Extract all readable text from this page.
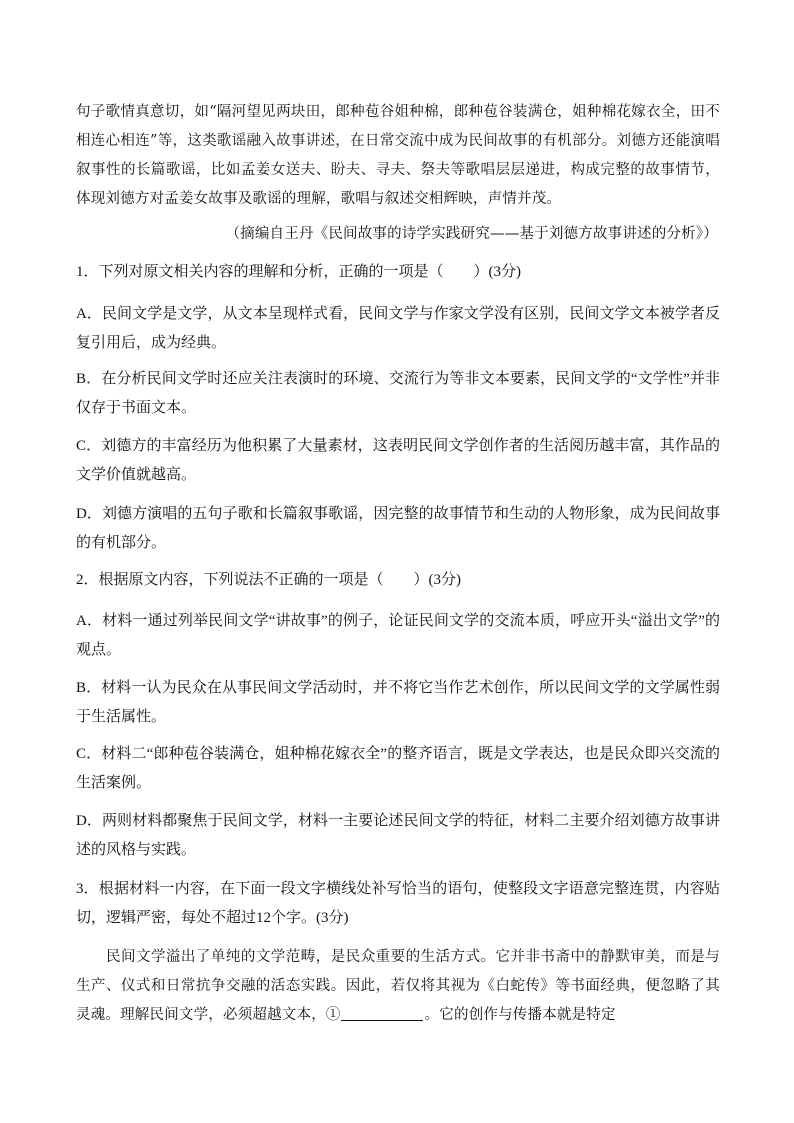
句子歌情真意切，如“隔河望见两块田，郎种苞谷姐种棉，郎种苞谷装满仓，姐种棉花嫁衣全，田不相连心相连”等，这类歌谣融入故事讲述，在日常交流中成为民间故事的有机部分。刘德方还能演唱叙事性的长篇歌谣，比如孟姜女送夫、盼夫、寻夫、祭夫等歌唱层层递进，构成完整的故事情节，体现刘德方对孟姜女故事及歌谣的理解，歌唱与叙述交相辉映，声情并茂。

（摘编自王丹《民间故事的诗学实践研究——基于刘德方故事讲述的分析》）

1．下列对原文相关内容的理解和分析，正确的一项是（　　）(3分)

A．民间文学是文学，从文本呈现样式看，民间文学与作家文学没有区别，民间文学文本被学者反复引用后，成为经典。

B．在分析民间文学时还应关注表演时的环境、交流行为等非文本要素，民间文学的“文学性”并非仅存于书面文本。

C．刘德方的丰富经历为他积累了大量素材，这表明民间文学创作者的生活阅历越丰富，其作品的文学价值就越高。

D．刘德方演唱的五句子歌和长篇叙事歌谣，因完整的故事情节和生动的人物形象，成为民间故事的有机部分。

2．根据原文内容，下列说法不正确的一项是（　　）(3分)

A．材料一通过列举民间文学“讲故事”的例子，论证民间文学的交流本质，呼应开头“溢出文学”的观点。

B．材料一认为民众在从事民间文学活动时，并不将它当作艺术创作，所以民间文学的文学属性弱于生活属性。

C．材料二“郎种苞谷装满仓，姐种棉花嫁衣全”的整齐语言，既是文学表达，也是民众即兴交流的生活案例。

D．两则材料都聚焦于民间文学，材料一主要论述民间文学的特征，材料二主要介绍刘德方故事讲述的风格与实践。

3．根据材料一内容，在下面一段文字横线处补写恰当的语句，使整段文字语意完整连贯，内容贴切，逻辑严密，每处不超过12个字。(3分)

民间文学溢出了单纯的文学范畴，是民众重要的生活方式。它并非书斋中的静默审美，而是与生产、仪式和日常抗争交融的活态实践。因此，若仅将其视为《白蛇传》等书面经典，便忽略了其灵魂。理解民间文学，必须超越文本，①	。它的创作与传播本就是特定
